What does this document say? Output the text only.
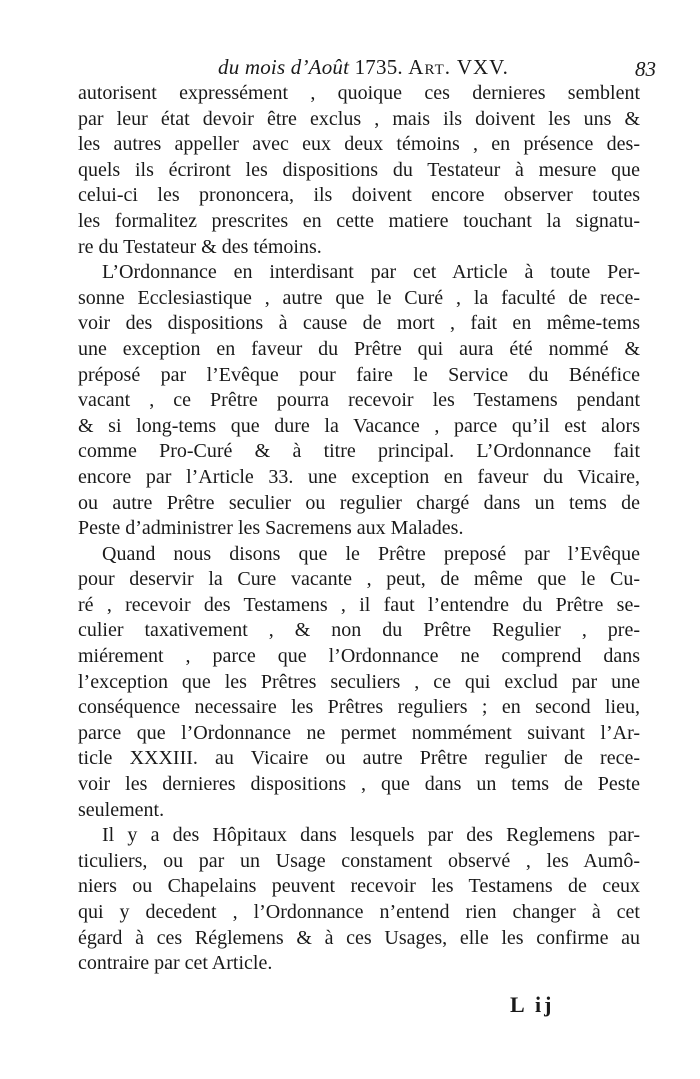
du mois d’Août 1735. Art. VXV.	83
autorisent expressément , quoique ces dernieres semblent
par leur état devoir être exclus , mais ils doivent les uns &
les autres appeller avec eux deux témoins , en présence des-
quels ils écriront les dispositions du Testateur à mesure que
celui-ci les prononcera, ils doivent encore observer toutes
les formalitez prescrites en cette matiere touchant la signatu-
re du Testateur & des témoins.
L’Ordonnance en interdisant par cet Article à toute Per-
sonne Ecclesiastique , autre que le Curé , la faculté de rece-
voir des dispositions à cause de mort , fait en même-tems
une exception en faveur du Prêtre qui aura été nommé &
préposé par l’Evêque pour faire le Service du Bénéfice
vacant , ce Prêtre pourra recevoir les Testamens pendant
& si long-tems que dure la Vacance , parce qu’il est alors
comme Pro-Curé & à titre principal. L’Ordonnance fait
encore par l’Article 33. une exception en faveur du Vicaire,
ou autre Prêtre seculier ou regulier chargé dans un tems de
Peste d’administrer les Sacremens aux Malades.
Quand nous disons que le Prêtre preposé par l’Evêque
pour deservir la Cure vacante , peut, de même que le Cu-
ré , recevoir des Testamens , il faut l’entendre du Prêtre se-
culier taxativement , & non du Prêtre Regulier , pre-
miérement , parce que l’Ordonnance ne comprend dans
l’exception que les Prêtres seculiers , ce qui exclud par une
conséquence necessaire les Prêtres reguliers ; en second lieu,
parce que l’Ordonnance ne permet nommément suivant l’Ar-
ticle XXXIII. au Vicaire ou autre Prêtre regulier de rece-
voir les dernieres dispositions , que dans un tems de Peste
seulement.
Il y a des Hôpitaux dans lesquels par des Reglemens par-
ticuliers, ou par un Usage constament observé , les Aumô-
niers ou Chapelains peuvent recevoir les Testamens de ceux
qui y decedent , l’Ordonnance n’entend rien changer à cet
égard à ces Réglemens & à ces Usages, elle les confirme au
contraire par cet Article.
L ij
